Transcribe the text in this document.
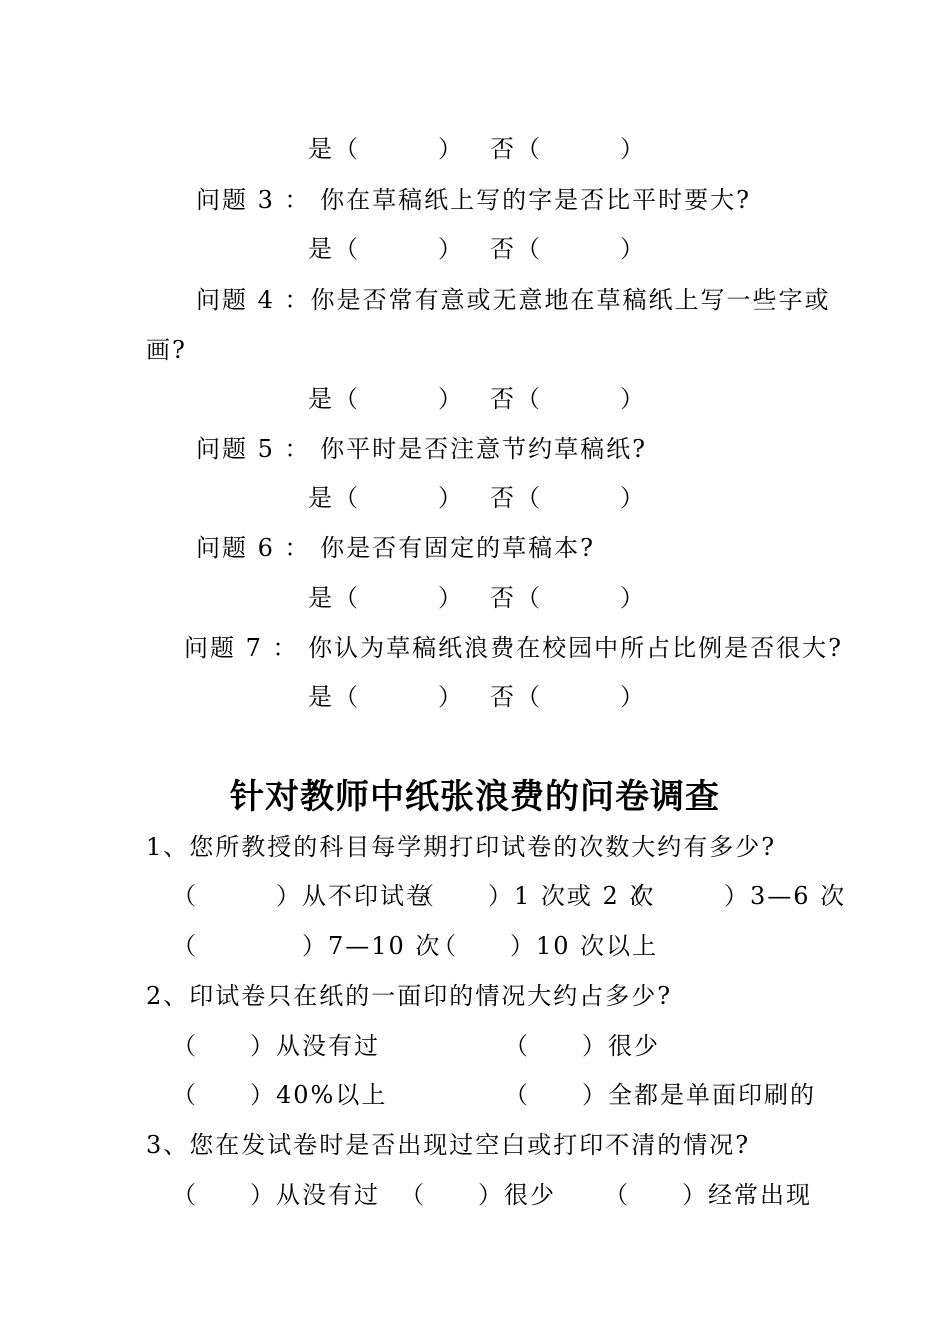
是（　　　） 否（　　　）
问题 3 ： 你在草稿纸上写的字是否比平时要大?
是（　　　） 否（　　　）
问题 4 ：你是否常有意或无意地在草稿纸上写一些字或
画?
是（　　　） 否（　　　）
问题 5 ： 你平时是否注意节约草稿纸?
是（　　　） 否（　　　）
问题 6 ： 你是否有固定的草稿本?
是（　　　） 否（　　　）
问题 7 ： 你认为草稿纸浪费在校园中所占比例是否很大?
是（　　　） 否（　　　）
针对教师中纸张浪费的问卷调查
1、您所教授的科目每学期打印试卷的次数大约有多少?
（　　　）从不印试卷
（　　）1 次或 2 次
（　　　）3—6 次
（　　　　）7—10 次
（　　）10 次以上
2、印试卷只在纸的一面印的情况大约占多少?
（　　）从没有过	（　　）很少
（　　）40%以上	（　　）全都是单面印刷的
3、您在发试卷时是否出现过空白或打印不清的情况?
（　　）从没有过 （　　）很少 （　　）经常出现
